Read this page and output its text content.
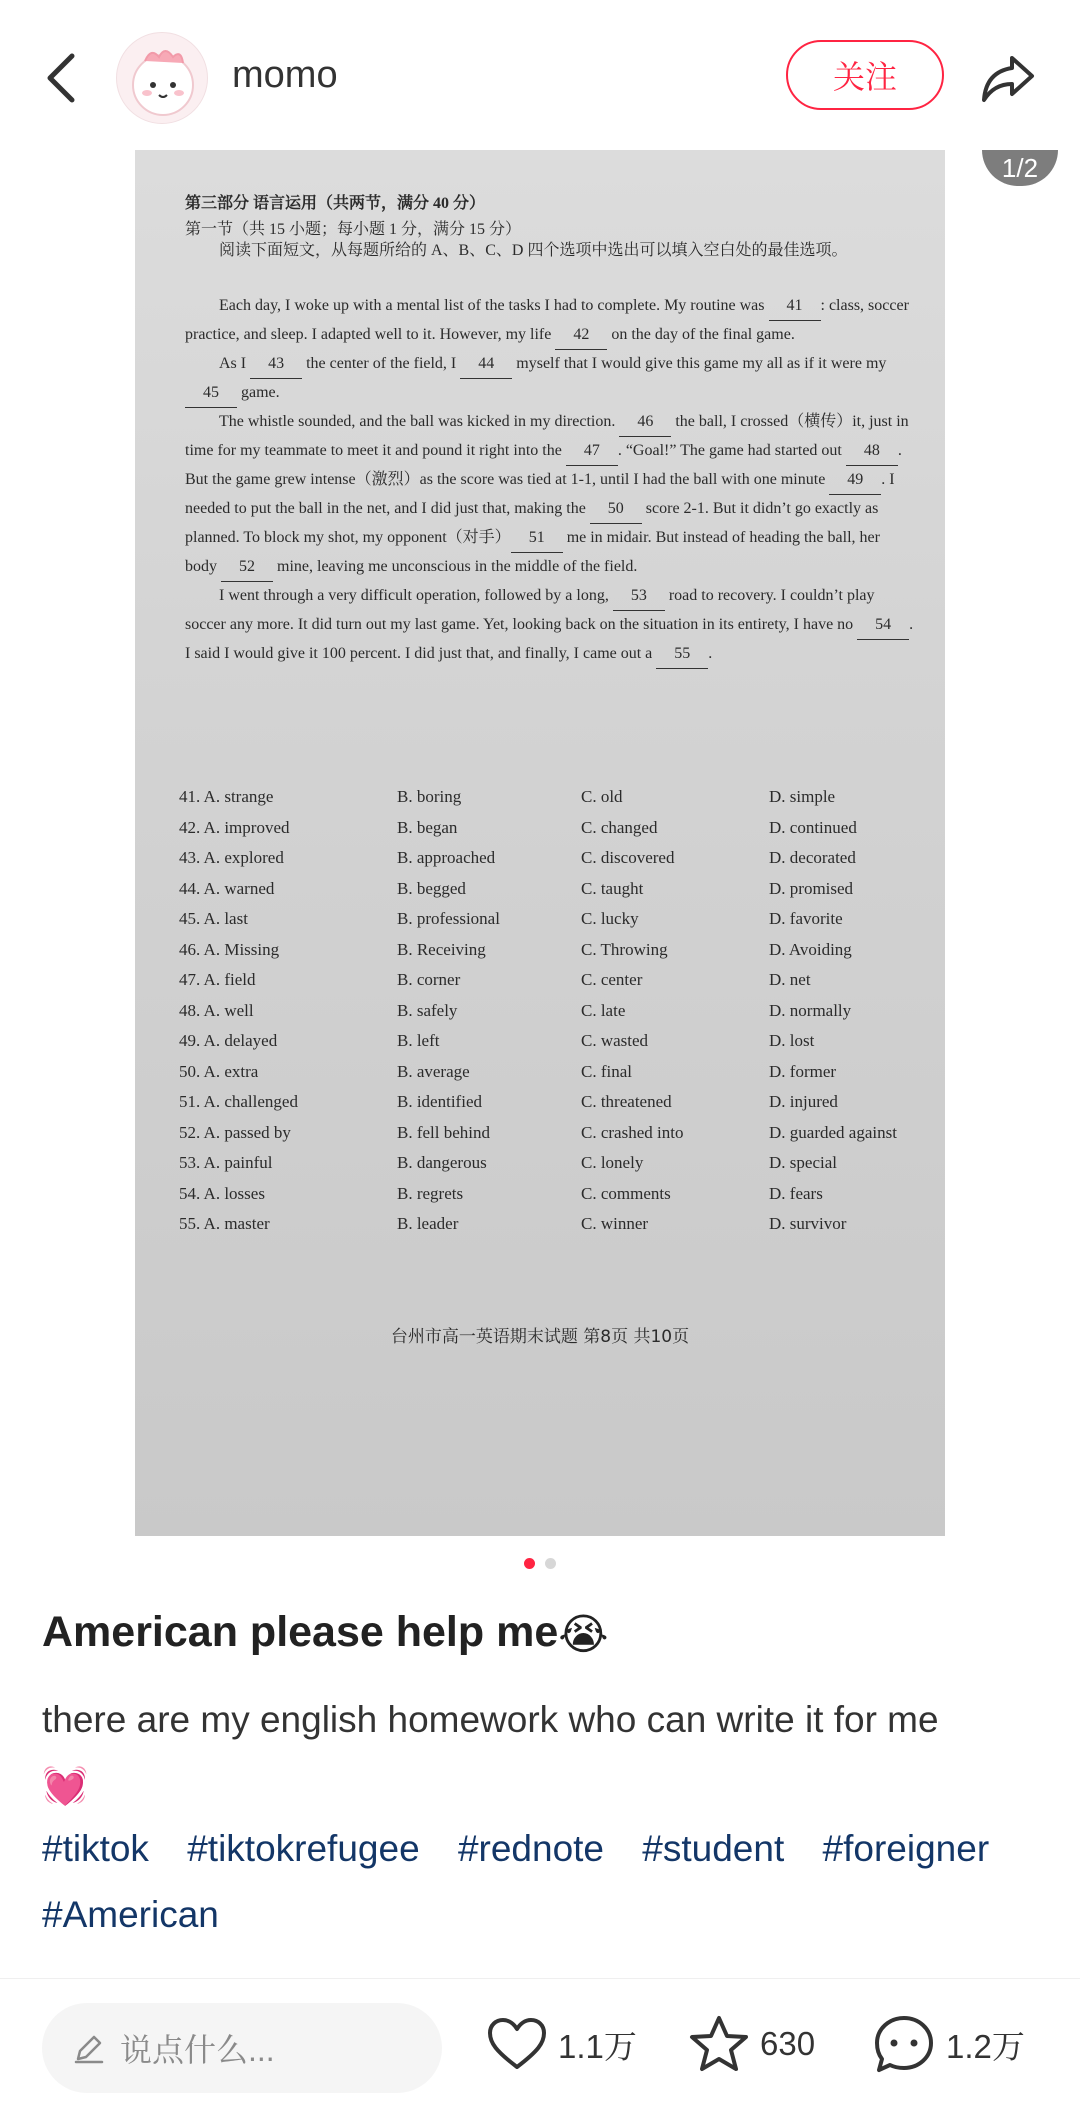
momo	关注
第三部分 语言运用（共两节，满分 40 分）
第一节（共 15 小题；每小题 1 分，满分 15 分）
阅读下面短文，从每题所给的 A、B、C、D 四个选项中选出可以填入空白处的最佳选项。

Each day, I woke up with a mental list of the tasks I had to complete. My routine was 41 : class, soccer practice, and sleep. I adapted well to it. However, my life 42 on the day of the final game.

As I 43 the center of the field, I 44 myself that I would give this game my all as if it were my 45 game.

The whistle sounded, and the ball was kicked in my direction. 46 the ball, I crossed（横传）it, just in time for my teammate to meet it and pound it right into the 47 . “Goal!” The game had started out 48 . But the game grew intense（激烈）as the score was tied at 1-1, until I had the ball with one minute 49 . I needed to put the ball in the net, and I did just that, making the 50 score 2-1. But it didn’t go exactly as planned. To block my shot, my opponent（对手） 51 me in midair. But instead of heading the ball, her body 52 mine, leaving me unconscious in the middle of the field.

I went through a very difficult operation, followed by a long, 53 road to recovery. I couldn’t play soccer any more. It did turn out my last game. Yet, looking back on the situation in its entirety, I have no 54 . I said I would give it 100 percent. I did just that, and finally, I came out a 55 .

41. A. strange	B. boring	C. old	D. simple
42. A. improved	B. began	C. changed	D. continued
43. A. explored	B. approached	C. discovered	D. decorated
44. A. warned	B. begged	C. taught	D. promised
45. A. last	B. professional	C. lucky	D. favorite
46. A. Missing	B. Receiving	C. Throwing	D. Avoiding
47. A. field	B. corner	C. center	D. net
48. A. well	B. safely	C. late	D. normally
49. A. delayed	B. left	C. wasted	D. lost
50. A. extra	B. average	C. final	D. former
51. A. challenged	B. identified	C. threatened	D. injured
52. A. passed by	B. fell behind	C. crashed into	D. guarded against
53. A. painful	B. dangerous	C. lonely	D. special
54. A. losses	B. regrets	C. comments	D. fears
55. A. master	B. leader	C. winner	D. survivor
台州市高一英语期末试题 第8页 共10页
1/2
American please help me😭
there are my english homework who can write it for me
💓
#tiktok #tiktokrefugee #rednote #student #foreigner #American
说点什么...	1.1万	630	1.2万
